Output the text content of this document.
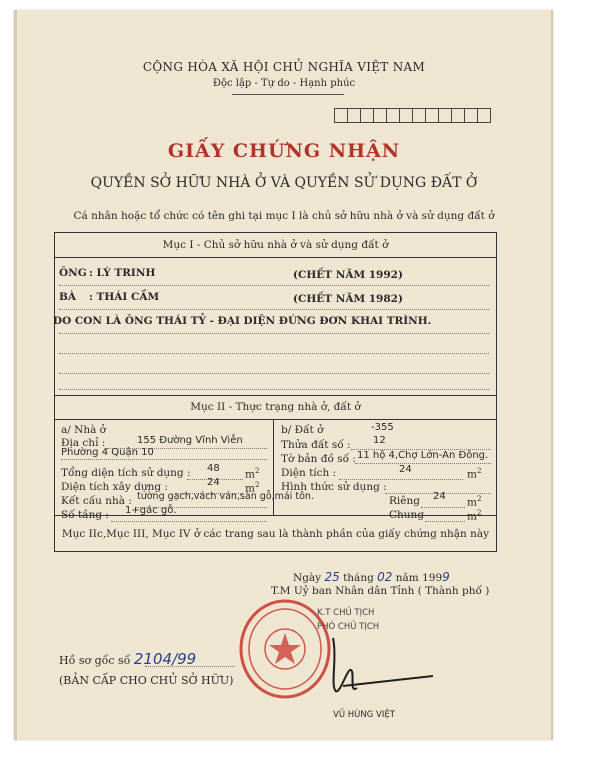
CỘNG HÒA XÃ HỘI CHỦ NGHĨA VIỆT NAM
Độc lập - Tự do - Hạnh phúc
GIẤY CHỨNG NHẬN
QUYỀN SỞ HỮU NHÀ Ở VÀ QUYỀN SỬ DỤNG ĐẤT Ở
Cá nhân hoặc tổ chức có tên ghi tại mục I là chủ sở hữu nhà ở và sử dụng đất ở
Mục I - Chủ sở hữu nhà ở và sử dụng đất ở
ÔNG : LÝ TRINH	(CHẾT NĂM 1992)
BÀ : THÁI CẦM	(CHẾT NĂM 1982)
DO CON LÀ ÔNG THÁI TỶ - ĐẠI DIỆN ĐỨNG ĐƠN KHAI TRÌNH.
Mục II - Thực trạng nhà ở, đất ở
a/ Nhà ở
Địa chỉ :	155 Đường Vĩnh Viễn
Phường 4 Quận 10
Tổng diện tích sử dụng : 48 $m^2$
Diện tích xây dựng :	24 $m^2$
Kết cấu nhà : tường gạch,vách ván,sàn gỗ,mái tôn.
Số tầng : 1+gác gỗ.
b/ Đất ở	-355
Thửa đất số : 12
Tờ bản đồ số : 11 hộ 4,Chợ Lớn-An Đông.
Diện tích :	24	$m^2$
Hình thức sử dụng :
Riêng 24 $m^2$
Chung	$m^2$
Mục IIc,Mục III, Mục IV ở các trang sau là thành phần của giấy chứng nhận này
Ngày 25 tháng 02 năm 1999
T.M Uỷ ban Nhân dân Tỉnh ( Thành phố )
K.T CHỦ TỊCH
PHÓ CHỦ TỊCH
Hồ sơ gốc số 2104/99
(BẢN CẤP CHO CHỦ SỞ HỮU)
VŨ HÙNG VIỆT
